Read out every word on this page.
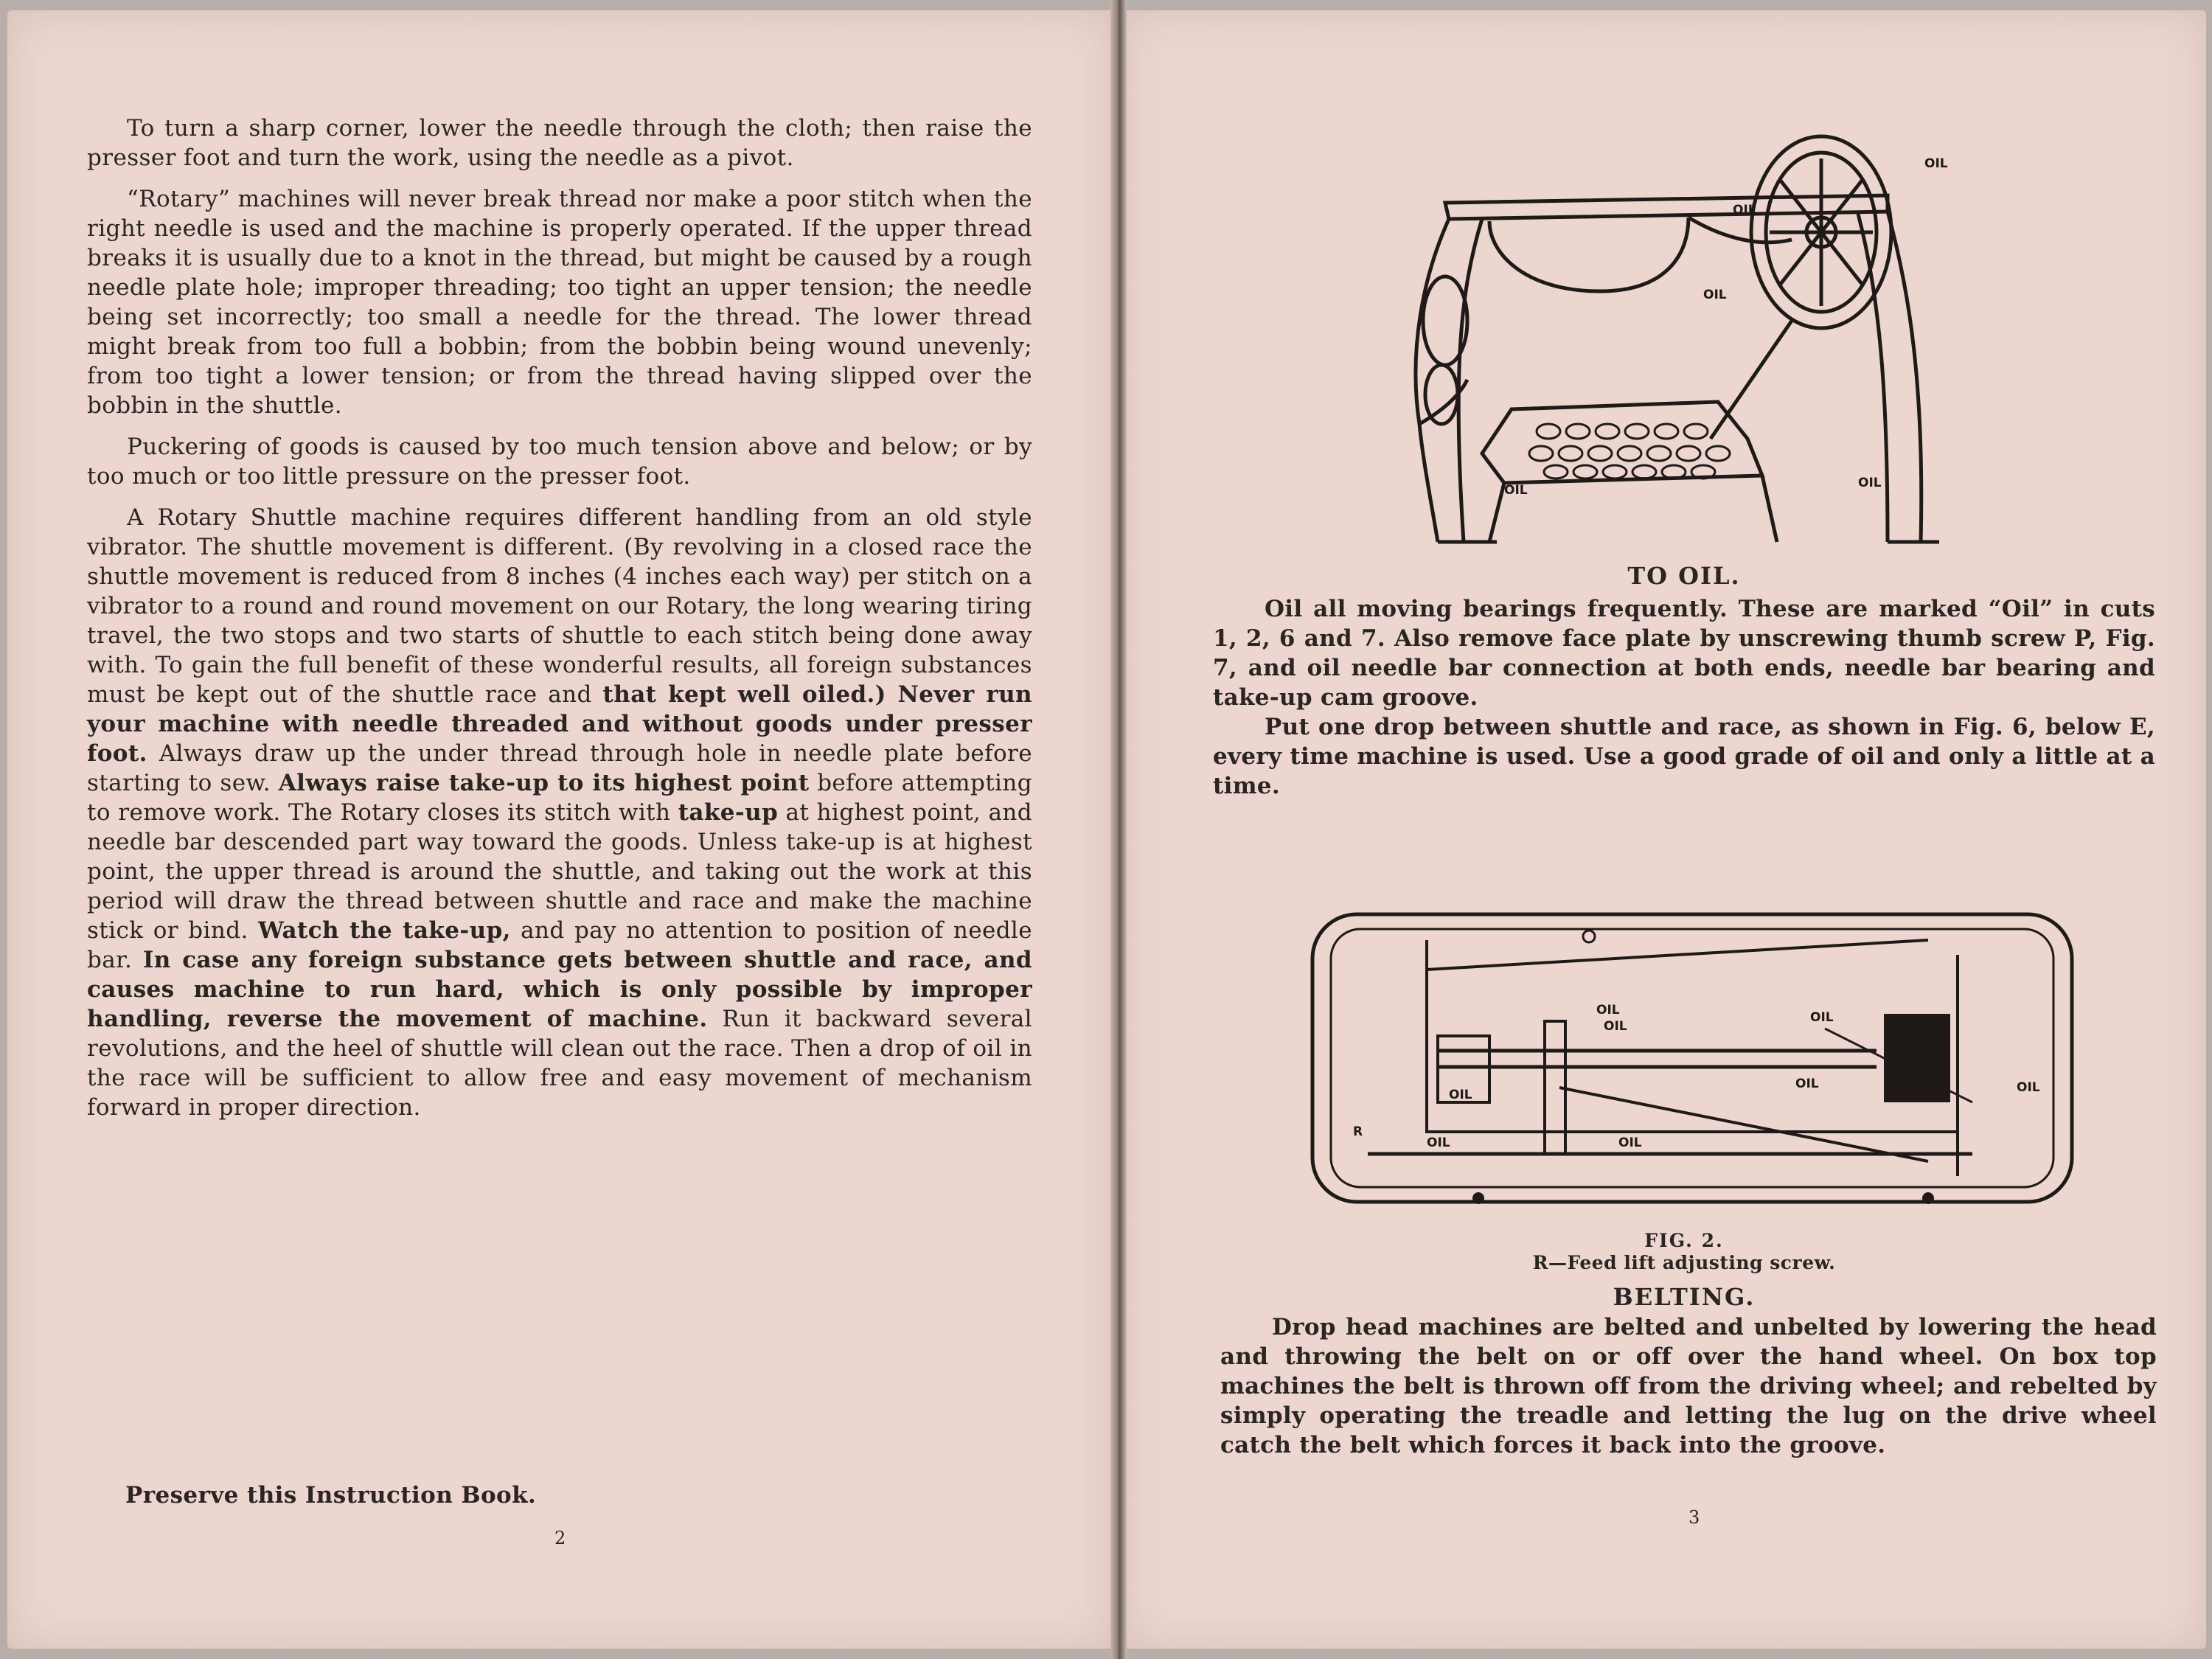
To turn a sharp corner, lower the needle through the cloth; then raise the presser foot and turn the work, using the needle as a pivot.

“Rotary” machines will never break thread nor make a poor stitch when the right needle is used and the machine is properly operated. If the upper thread breaks it is usually due to a knot in the thread, but might be caused by a rough needle plate hole; improper threading; too tight an upper tension; the needle being set incorrectly; too small a needle for the thread. The lower thread might break from too full a bobbin; from the bobbin being wound unevenly; from too tight a lower tension; or from the thread having slipped over the bobbin in the shuttle.

Puckering of goods is caused by too much tension above and below; or by too much or too little pressure on the presser foot.

A Rotary Shuttle machine requires different handling from an old style vibrator. The shuttle movement is different. (By revolving in a closed race the shuttle movement is reduced from 8 inches (4 inches each way) per stitch on a vibrator to a round and round movement on our Rotary, the long wearing tiring travel, the two stops and two starts of shuttle to each stitch being done away with. To gain the full benefit of these wonderful results, all foreign substances must be kept out of the shuttle race and that kept well oiled.) Never run your machine with needle threaded and without goods under presser foot. Always draw up the under thread through hole in needle plate before starting to sew. Always raise take-up to its highest point before attempting to remove work. The Rotary closes its stitch with take-up at highest point, and needle bar descended part way toward the goods. Unless take-up is at highest point, the upper thread is around the shuttle, and taking out the work at this period will draw the thread between shuttle and race and make the machine stick or bind. Watch the take-up, and pay no attention to position of needle bar. In case any foreign substance gets between shuttle and race, and causes machine to run hard, which is only possible by improper handling, reverse the movement of machine. Run it backward several revolutions, and the heel of shuttle will clean out the race. Then a drop of oil in the race will be sufficient to allow free and easy movement of mechanism forward in proper direction.

Preserve this Instruction Book.
2
OIL
OIL
OIL
OIL	OIL
TO OIL.

Oil all moving bearings frequently. These are marked “Oil” in cuts 1, 2, 6 and 7. Also remove face plate by unscrewing thumb screw P, Fig. 7, and oil needle bar connection at both ends, needle bar bearing and take-up cam groove.

Put one drop between shuttle and race, as shown in Fig. 6, below E, every time machine is used. Use a good grade of oil and only a little at a time.

OIL
OIL
OIL
OIL	OIL
OIL
OIL	OIL
R
FIG. 2.
R—Feed lift adjusting screw.
BELTING.

Drop head machines are belted and unbelted by lowering the head and throwing the belt on or off over the hand wheel. On box top machines the belt is thrown off from the driving wheel; and rebelted by simply operating the treadle and letting the lug on the drive wheel catch the belt which forces it back into the groove.

3
